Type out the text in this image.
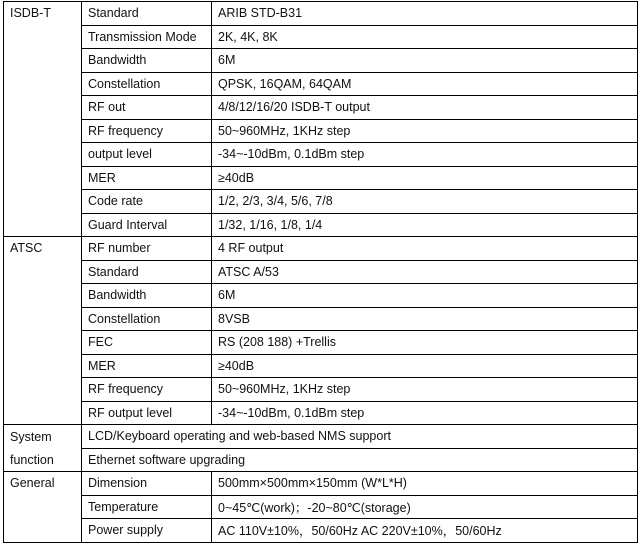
ISDB-T	Standard	ARIB STD-B31
	Transmission Mode	2K, 4K, 8K
	Bandwidth	6M
	Constellation	QPSK, 16QAM, 64QAM
	RF out	4/8/12/16/20 ISDB-T output
	RF frequency	50~960MHz, 1KHz step
	output level	-34~-10dBm, 0.1dBm step
	MER	≥40dB
	Code rate	1/2, 2/3, 3/4, 5/6, 7/8
	Guard Interval	1/32, 1/16, 1/8, 1/4
ATSC	RF number	4 RF output
	Standard	ATSC A/53
	Bandwidth	6M
	Constellation	8VSB
	FEC	RS (208 188) +Trellis
	MER	≥40dB
	RF frequency	50~960MHz, 1KHz step
	RF output level	-34~-10dBm, 0.1dBm step
System	LCD/Keyboard operating and web-based NMS support	
function	Ethernet software upgrading	
General	Dimension	500mm×500mm×150mm (W*L*H)
	Temperature	0~45℃(work)；-20~80℃(storage)
	Power supply	AC 110V±10%，50/60Hz AC 220V±10%，50/60Hz
